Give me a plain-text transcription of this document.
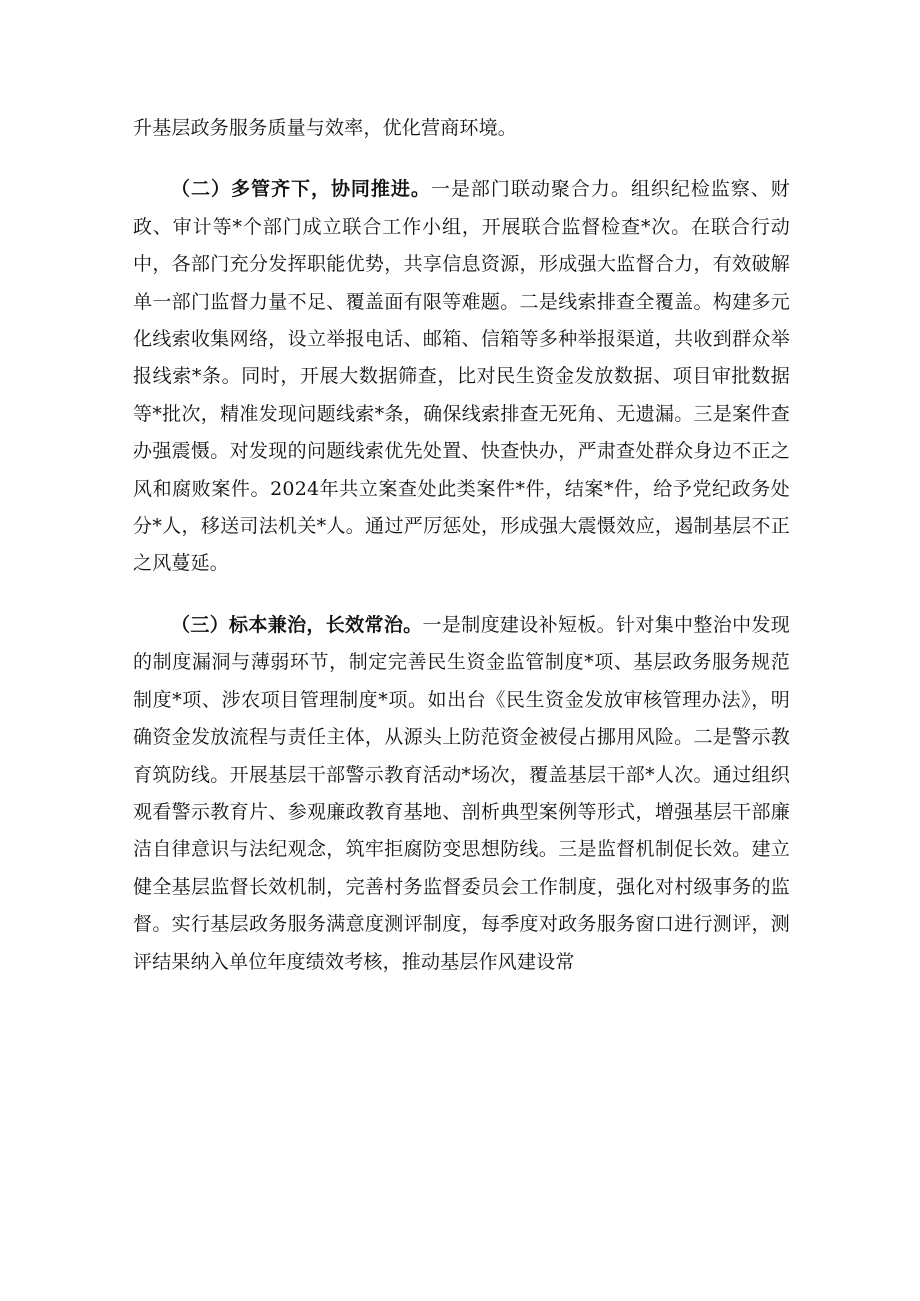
升基层政务服务质量与效率，优化营商环境。

（二）多管齐下，协同推进。一是部门联动聚合力。组织纪检监察、财政、审计等*个部门成立联合工作小组，开展联合监督检查*次。在联合行动中，各部门充分发挥职能优势，共享信息资源，形成强大监督合力，有效破解单一部门监督力量不足、覆盖面有限等难题。二是线索排查全覆盖。构建多元化线索收集网络，设立举报电话、邮箱、信箱等多种举报渠道，共收到群众举报线索*条。同时，开展大数据筛查，比对民生资金发放数据、项目审批数据等*批次，精准发现问题线索*条，确保线索排查无死角、无遗漏。三是案件查办强震慑。对发现的问题线索优先处置、快查快办，严肃查处群众身边不正之风和腐败案件。2024年共立案查处此类案件*件，结案*件，给予党纪政务处分*人，移送司法机关*人。通过严厉惩处，形成强大震慑效应，遏制基层不正之风蔓延。

（三）标本兼治，长效常治。一是制度建设补短板。针对集中整治中发现的制度漏洞与薄弱环节，制定完善民生资金监管制度*项、基层政务服务规范制度*项、涉农项目管理制度*项。如出台《民生资金发放审核管理办法》，明确资金发放流程与责任主体，从源头上防范资金被侵占挪用风险。二是警示教育筑防线。开展基层干部警示教育活动*场次，覆盖基层干部*人次。通过组织观看警示教育片、参观廉政教育基地、剖析典型案例等形式，增强基层干部廉洁自律意识与法纪观念，筑牢拒腐防变思想防线。三是监督机制促长效。建立健全基层监督长效机制，完善村务监督委员会工作制度，强化对村级事务的监督。实行基层政务服务满意度测评制度，每季度对政务服务窗口进行测评，测评结果纳入单位年度绩效考核，推动基层作风建设常
